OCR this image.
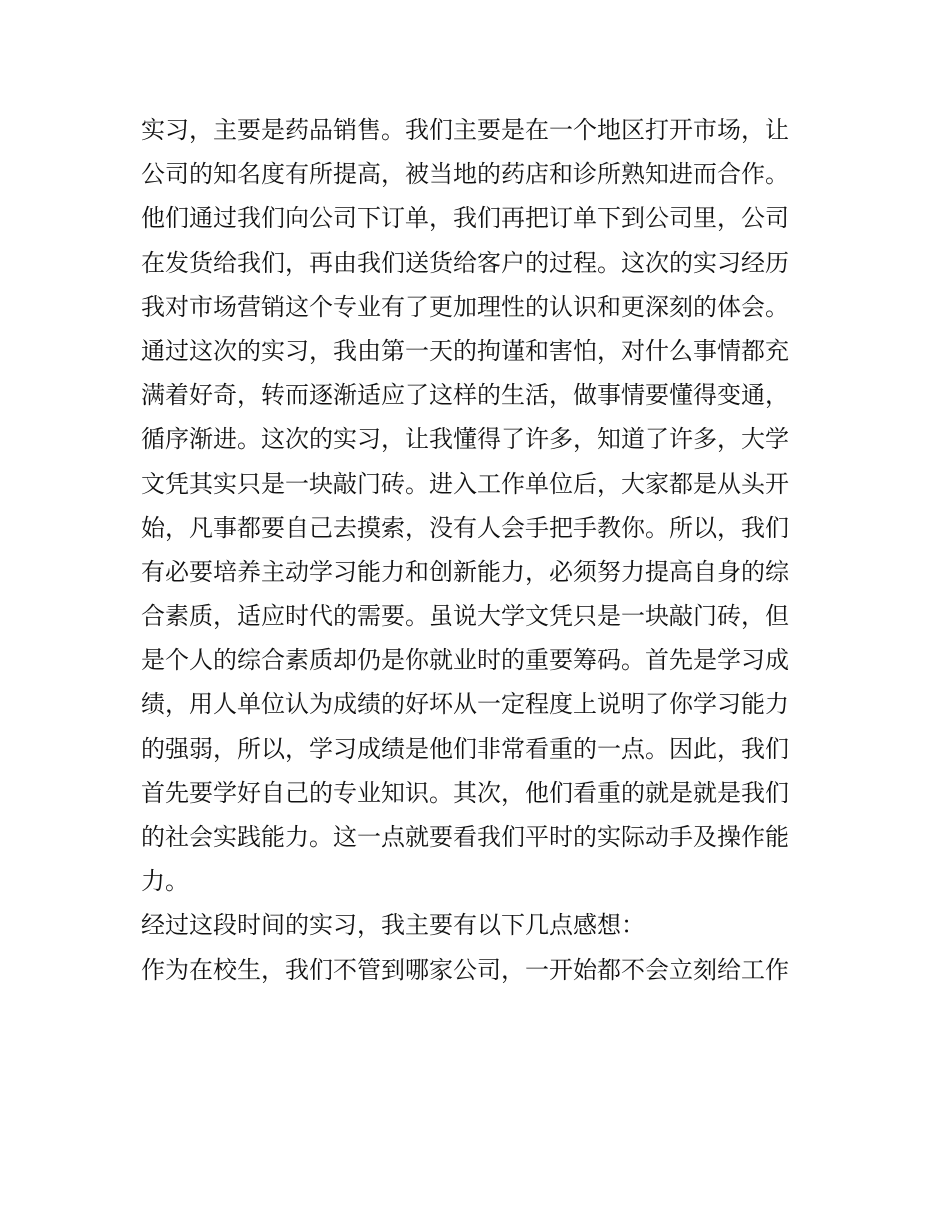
实习，主要是药品销售。我们主要是在一个地区打开市场，让
公司的知名度有所提高，被当地的药店和诊所熟知进而合作。
他们通过我们向公司下订单，我们再把订单下到公司里，公司
在发货给我们，再由我们送货给客户的过程。这次的实习经历
我对市场营销这个专业有了更加理性的认识和更深刻的体会。
通过这次的实习，我由第一天的拘谨和害怕，对什么事情都充
满着好奇，转而逐渐适应了这样的生活，做事情要懂得变通，
循序渐进。这次的实习，让我懂得了许多，知道了许多，大学
文凭其实只是一块敲门砖。进入工作单位后，大家都是从头开
始，凡事都要自己去摸索，没有人会手把手教你。所以，我们
有必要培养主动学习能力和创新能力，必须努力提高自身的综
合素质，适应时代的需要。虽说大学文凭只是一块敲门砖，但
是个人的综合素质却仍是你就业时的重要筹码。首先是学习成
绩，用人单位认为成绩的好坏从一定程度上说明了你学习能力
的强弱，所以，学习成绩是他们非常看重的一点。因此，我们
首先要学好自己的专业知识。其次，他们看重的就是就是我们
的社会实践能力。这一点就要看我们平时的实际动手及操作能
力。
经过这段时间的实习，我主要有以下几点感想：
作为在校生，我们不管到哪家公司，一开始都不会立刻给工作
